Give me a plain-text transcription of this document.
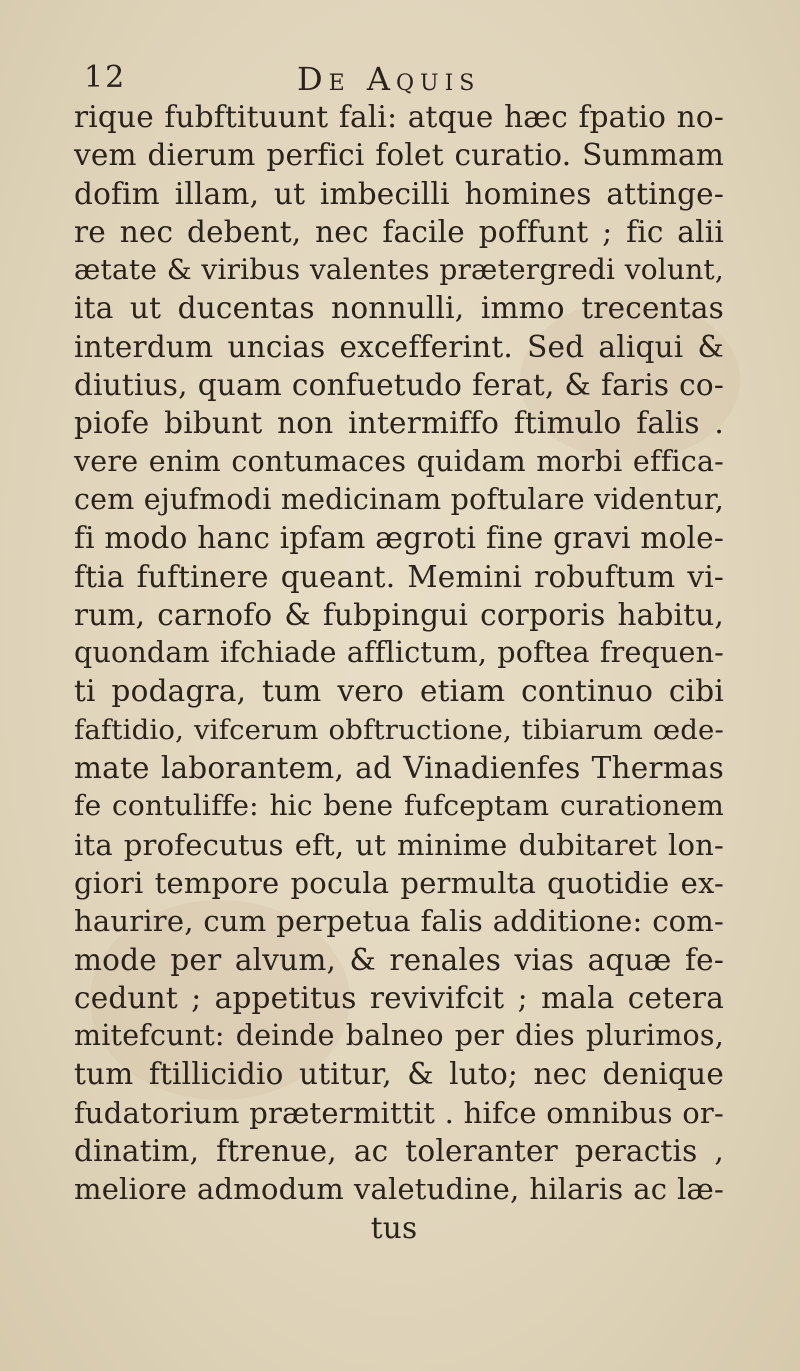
12	De Aquis
rique fubftituunt fali: atque hæc fpatio no-
vem dierum perfici folet curatio. Summam
dofim illam, ut imbecilli homines attinge-
re nec debent, nec facile poffunt ; fic alii
ætate & viribus valentes prætergredi volunt,
ita ut ducentas nonnulli, immo trecentas
interdum uncias excefferint. Sed aliqui &
diutius, quam confuetudo ferat, & faris co-
piofe bibunt non intermiffo ftimulo falis .
vere enim contumaces quidam morbi effica-
cem ejufmodi medicinam poftulare videntur,
fi modo hanc ipfam ægroti fine gravi mole-
ftia fuftinere queant. Memini robuftum vi-
rum, carnofo & fubpingui corporis habitu,
quondam ifchiade afflictum, poftea frequen-
ti podagra, tum vero etiam continuo cibi
faftidio, vifcerum obftructione, tibiarum œde-
mate laborantem, ad Vinadienfes Thermas
fe contuliffe: hic bene fufceptam curationem
ita profecutus eft, ut minime dubitaret lon-
giori tempore pocula permulta quotidie ex-
haurire, cum perpetua falis additione: com-
mode per alvum, & renales vias aquæ fe-
cedunt ; appetitus revivifcit ; mala cetera
mitefcunt: deinde balneo per dies plurimos,
tum ftillicidio utitur, & luto; nec denique
fudatorium prætermittit . hifce omnibus or-
dinatim, ftrenue, ac toleranter peractis ,
meliore admodum valetudine, hilaris ac læ-
tus
